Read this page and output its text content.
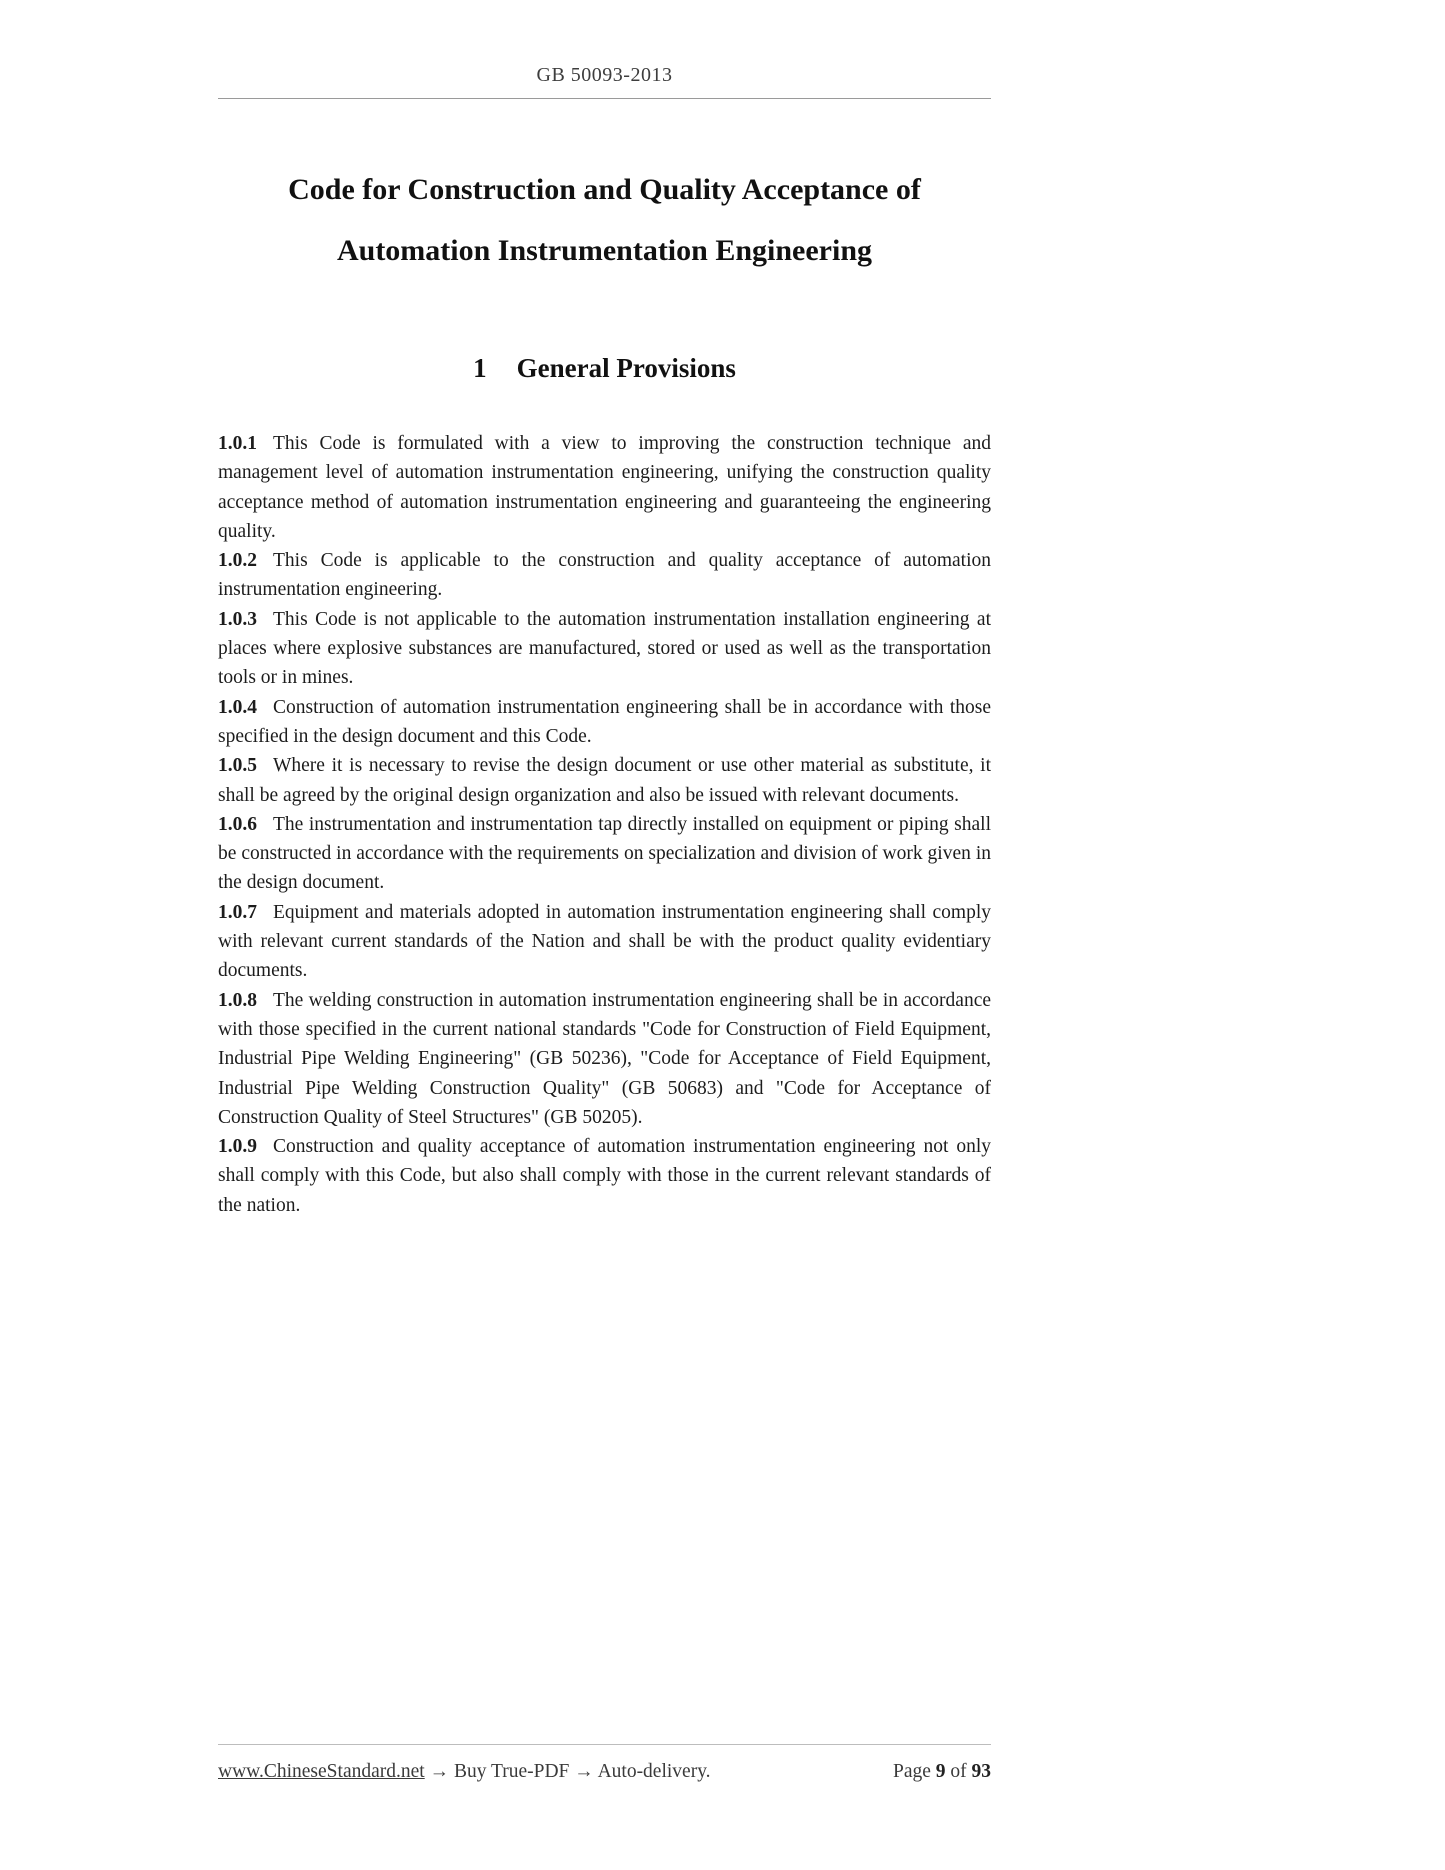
GB 50093-2013
Code for Construction and Quality Acceptance of
Automation Instrumentation Engineering
1 General Provisions

1.0.1 This Code is formulated with a view to improving the construction technique and management level of automation instrumentation engineering, unifying the construction quality acceptance method of automation instrumentation engineering and guaranteeing the engineering quality.

1.0.2 This Code is applicable to the construction and quality acceptance of automation instrumentation engineering.

1.0.3 This Code is not applicable to the automation instrumentation installation engineering at places where explosive substances are manufactured, stored or used as well as the transportation tools or in mines.

1.0.4 Construction of automation instrumentation engineering shall be in accordance with those specified in the design document and this Code.

1.0.5 Where it is necessary to revise the design document or use other material as substitute, it shall be agreed by the original design organization and also be issued with relevant documents.

1.0.6 The instrumentation and instrumentation tap directly installed on equipment or piping shall be constructed in accordance with the requirements on specialization and division of work given in the design document.

1.0.7 Equipment and materials adopted in automation instrumentation engineering shall comply with relevant current standards of the Nation and shall be with the product quality evidentiary documents.

1.0.8 The welding construction in automation instrumentation engineering shall be in accordance with those specified in the current national standards "Code for Construction of Field Equipment, Industrial Pipe Welding Engineering" (GB 50236), "Code for Acceptance of Field Equipment, Industrial Pipe Welding Construction Quality" (GB 50683) and "Code for Acceptance of Construction Quality of Steel Structures" (GB 50205).

1.0.9 Construction and quality acceptance of automation instrumentation engineering not only shall comply with this Code, but also shall comply with those in the current relevant standards of the nation.

www.ChineseStandard.net → Buy True-PDF → Auto-delivery.	Page 9 of 93
